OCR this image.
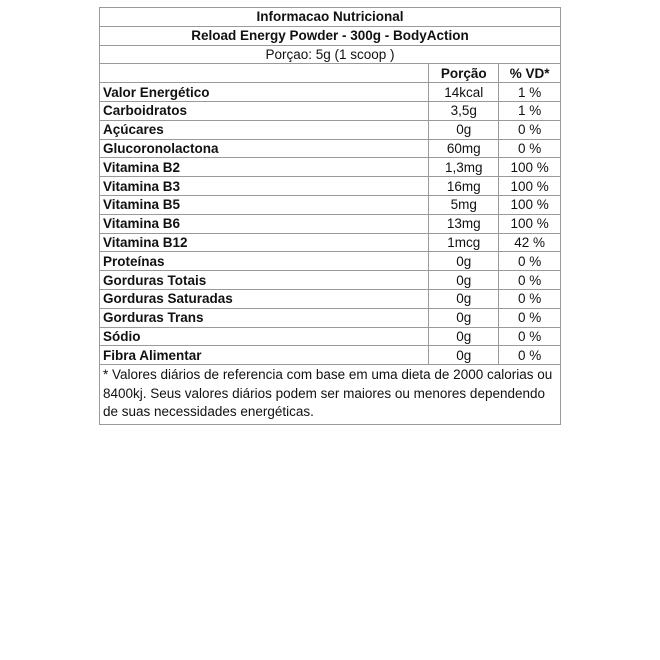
Informacao Nutricional		
Reload Energy Powder - 300g - BodyAction		
Porçao: 5g (1 scoop )		
	Porção	% VD*
Valor Energético	14kcal	1 %
Carboidratos	3,5g	1 %
Açúcares	0g	0 %
Glucoronolactona	60mg	0 %
Vitamina B2	1,3mg	100 %
Vitamina B3	16mg	100 %
Vitamina B5	5mg	100 %
Vitamina B6	13mg	100 %
Vitamina B12	1mcg	42 %
Proteínas	0g	0 %
Gorduras Totais	0g	0 %
Gorduras Saturadas	0g	0 %
Gorduras Trans	0g	0 %
Sódio	0g	0 %
Fibra Alimentar	0g	0 %
* Valores diários de referencia com base em uma dieta de 2000 calorias ou 8400kj. Seus valores diários podem ser maiores ou menores dependendo de suas necessidades energéticas.		
